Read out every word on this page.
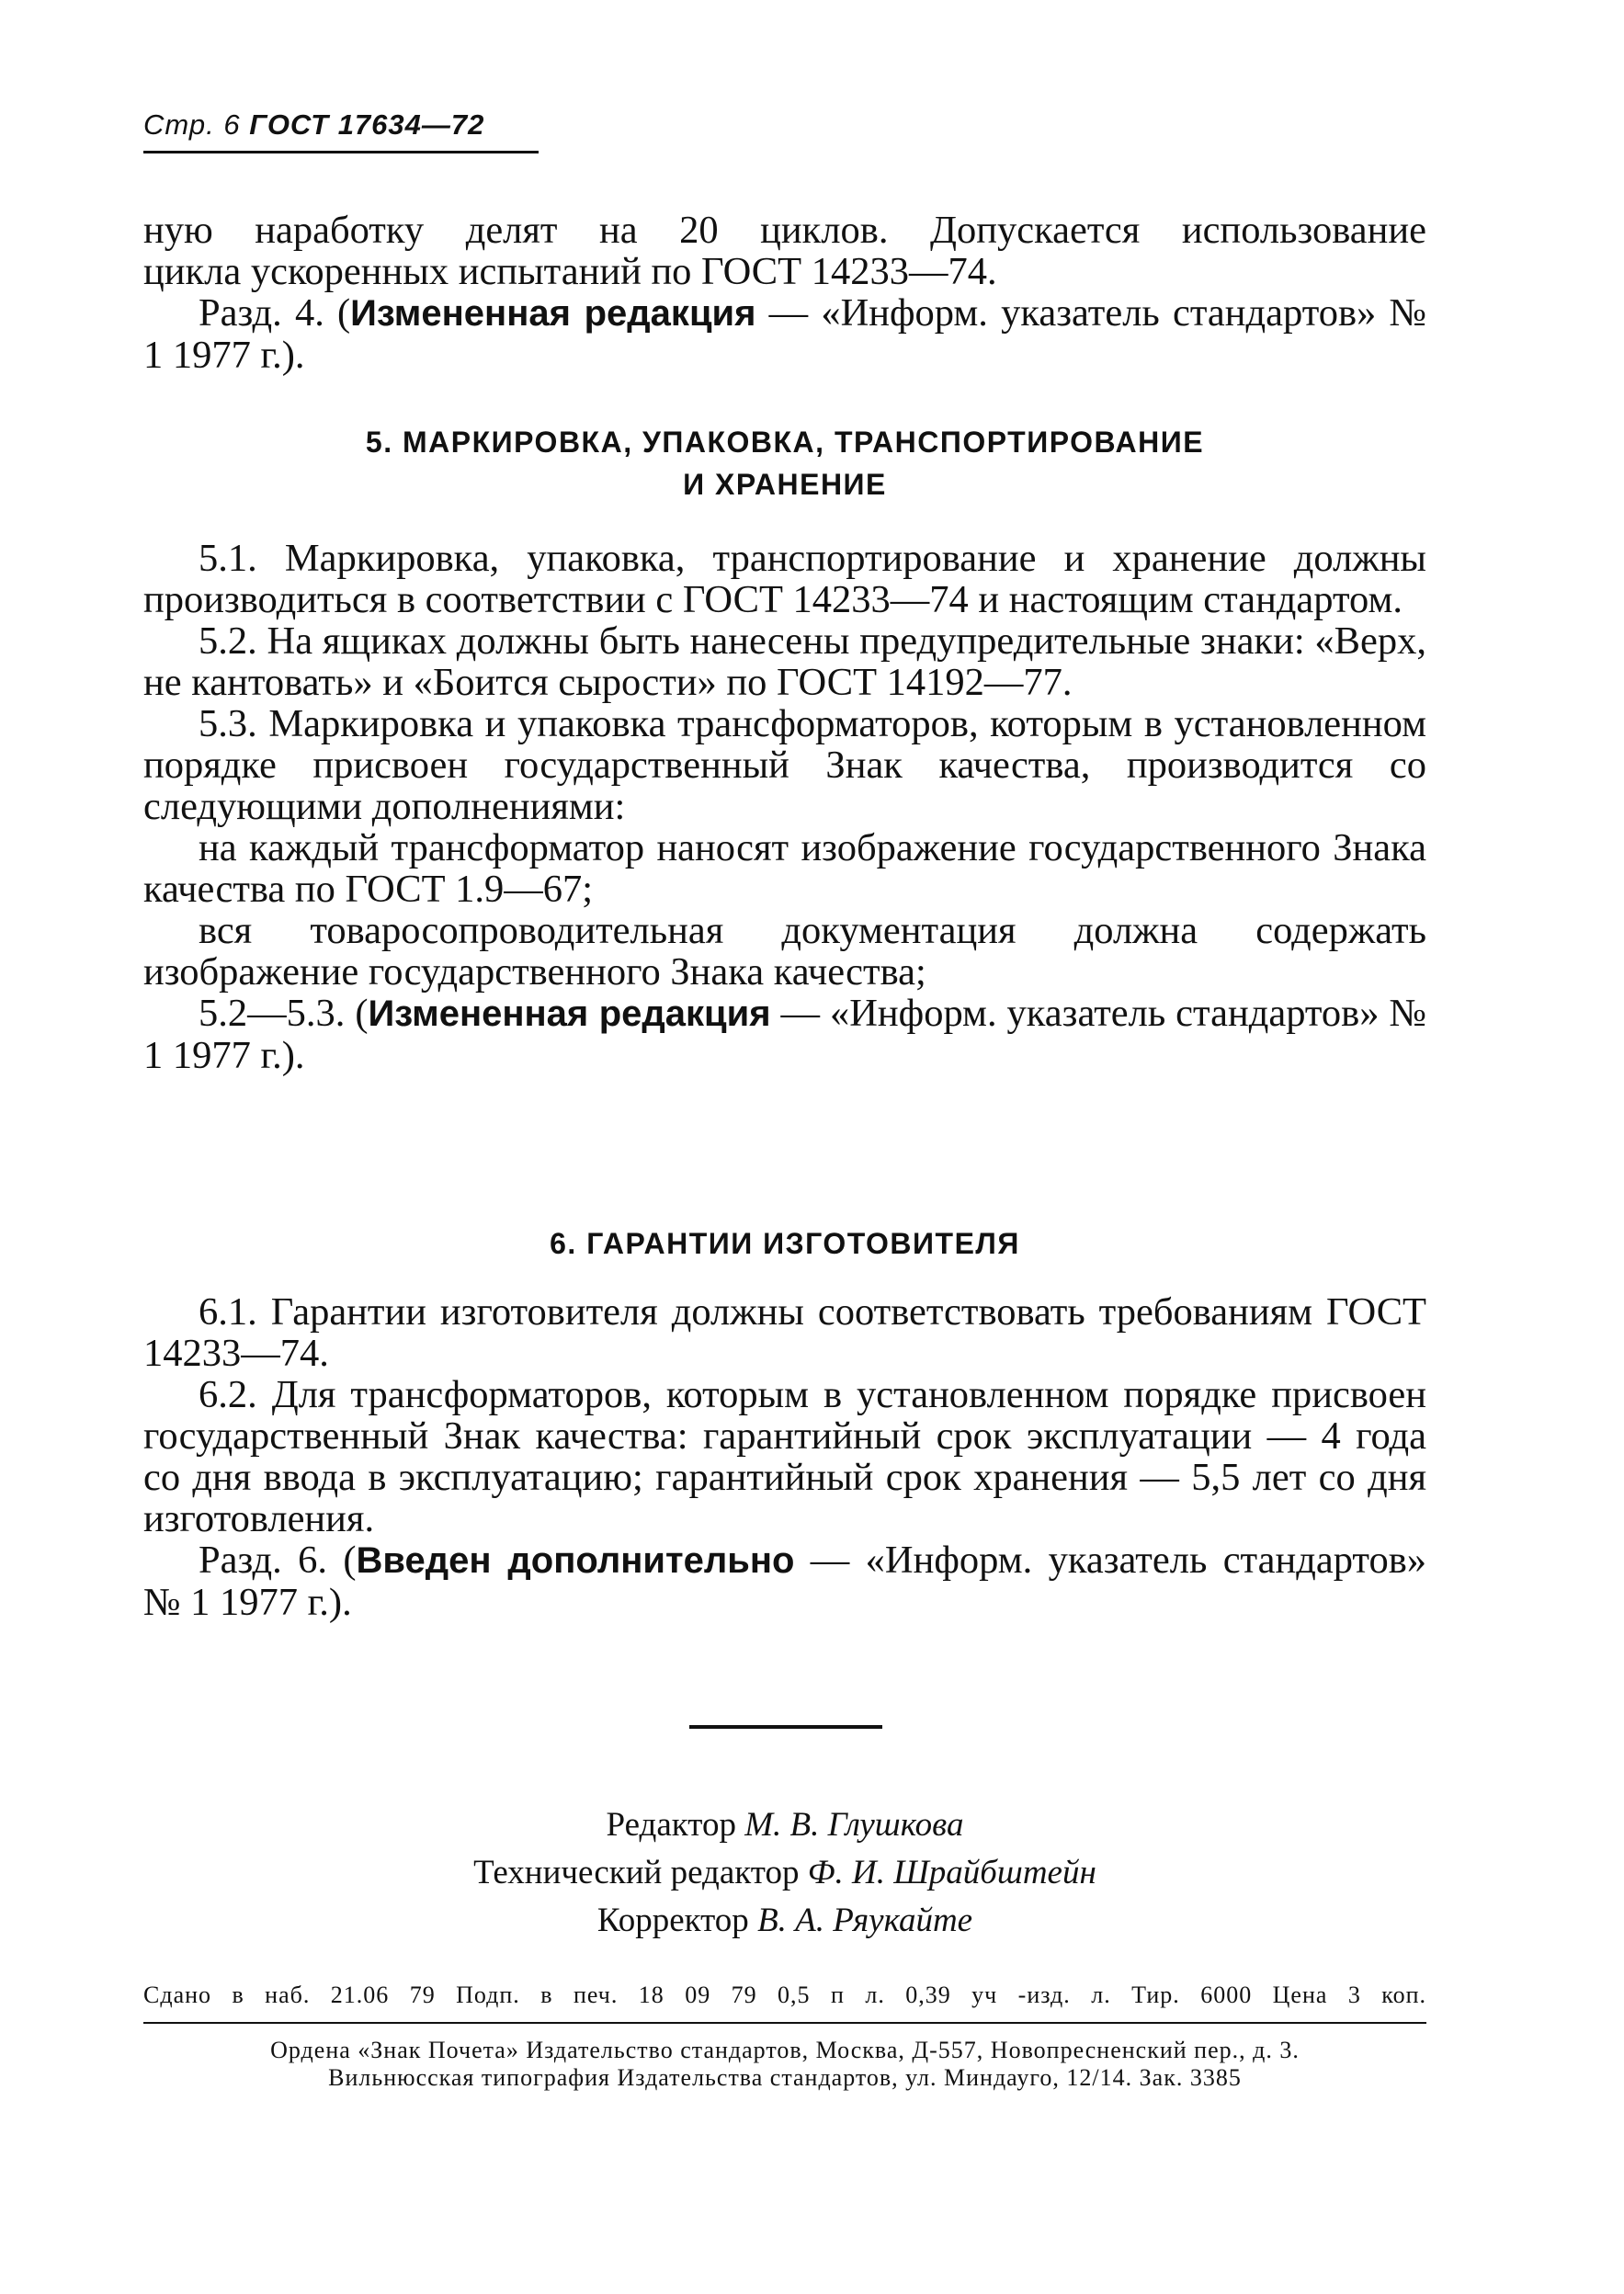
Стр. 6 ГОСТ 17634—72

ную наработку делят на 20 циклов. Допускается использование

цикла ускоренных испытаний по ГОСТ 14233—74.

Разд. 4. (Измененная редакция — «Информ. указатель стандартов» № 1 1977 г.).

5. МАРКИРОВКА, УПАКОВКА, ТРАНСПОРТИРОВАНИЕ
И ХРАНЕНИЕ

5.1. Маркировка, упаковка, транспортирование и хранение должны производиться в соответствии с ГОСТ 14233—74 и настоящим стандартом.

5.2. На ящиках должны быть нанесены предупредительные знаки: «Верх, не кантовать» и «Боится сырости» по ГОСТ 14192—77.

5.3. Маркировка и упаковка трансформаторов, которым в установленном порядке присвоен государственный Знак качества, производится со следующими дополнениями:

на каждый трансформатор наносят изображение государственного Знака качества по ГОСТ 1.9—67;

вся товаросопроводительная документация должна содержать изображение государственного Знака качества;

5.2—5.3. (Измененная редакция — «Информ. указатель стандартов» № 1 1977 г.).

6. ГАРАНТИИ ИЗГОТОВИТЕЛЯ

6.1. Гарантии изготовителя должны соответствовать требованиям ГОСТ 14233—74.

6.2. Для трансформаторов, которым в установленном порядке присвоен государственный Знак качества: гарантийный срок эксплуатации — 4 года со дня ввода в эксплуатацию; гарантийный срок хранения — 5,5 лет со дня изготовления.

Разд. 6. (Введен дополнительно — «Информ. указатель стандартов» № 1 1977 г.).

Редактор М. В. Глушкова
Технический редактор Ф. И. Шрайбштейн
Корректор В. А. Ряукайте
Сдано в наб. 21.06 79 Подп. в печ. 18 09 79 0,5 п л. 0,39 уч -изд. л. Тир. 6000 Цена 3 коп.
Ордена «Знак Почета» Издательство стандартов, Москва, Д-557, Новопресненский пер., д. 3.
Вильнюсская типография Издательства стандартов, ул. Миндауго, 12/14. Зак. 3385
